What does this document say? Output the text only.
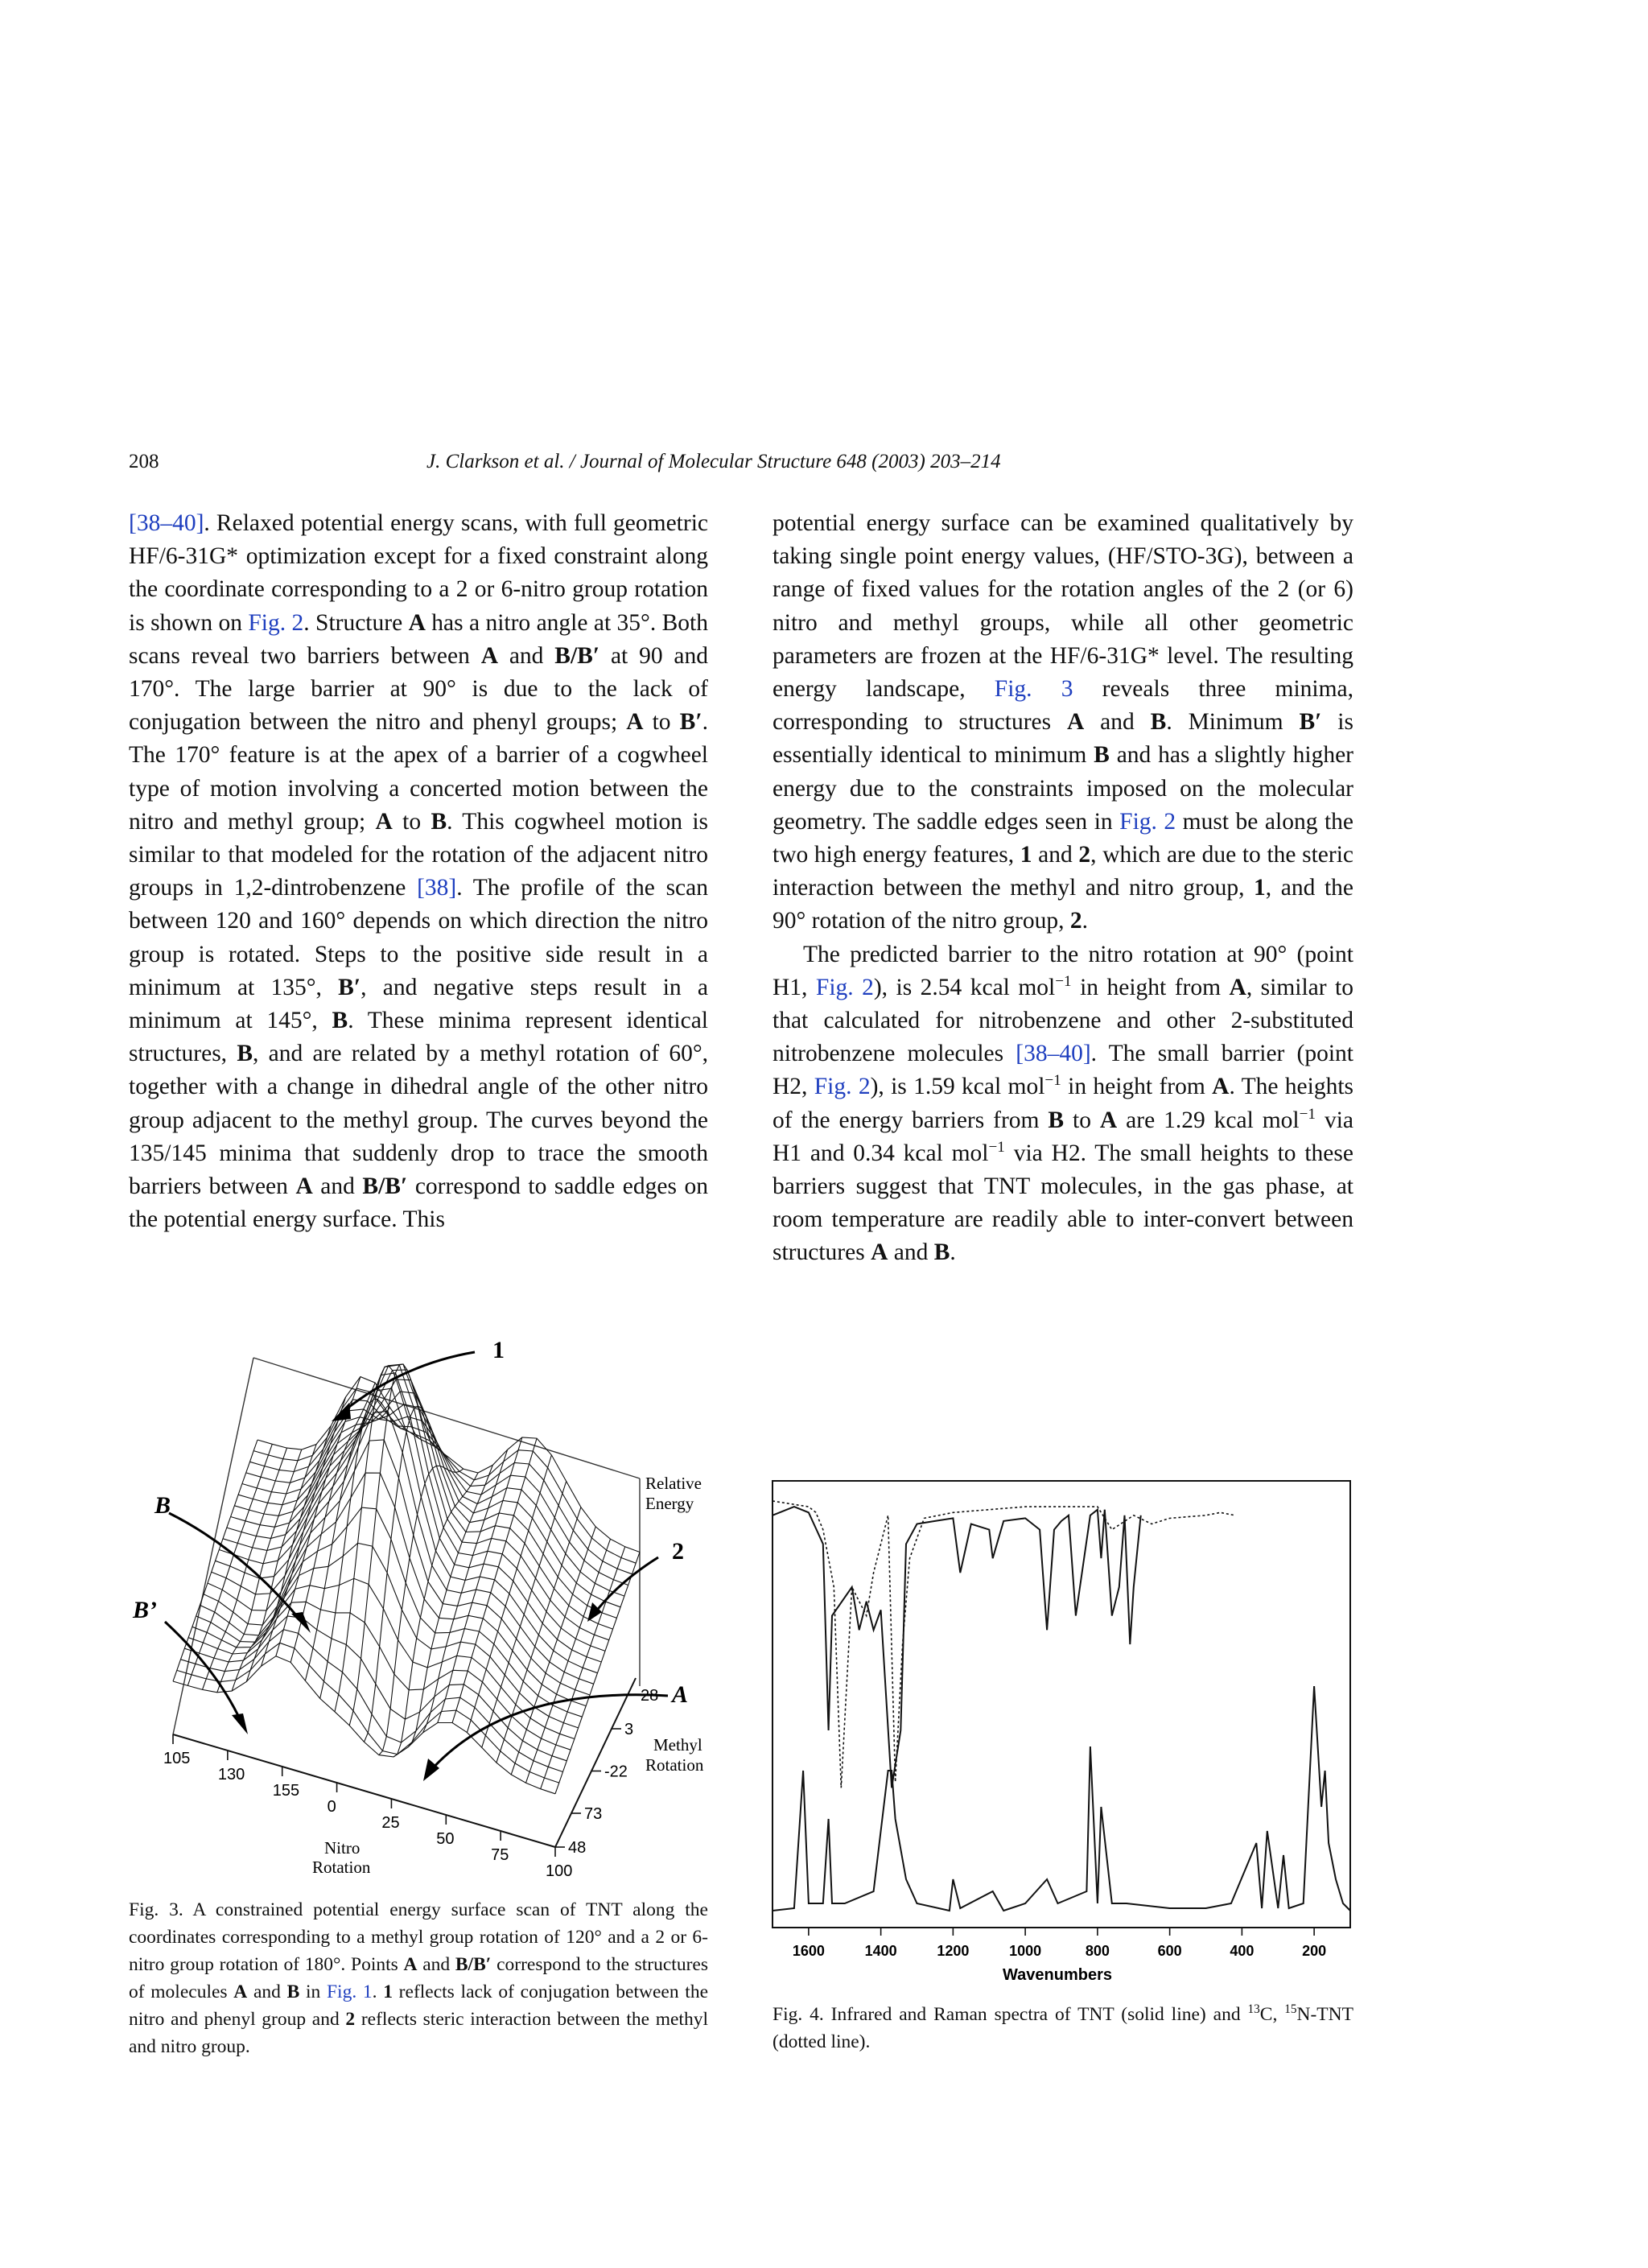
208	J. Clarkson et al. / Journal of Molecular Structure 648 (2003) 203–214

[38–40]. Relaxed potential energy scans, with full geometric HF/6-31G* optimization except for a fixed constraint along the coordinate corresponding to a 2 or 6-nitro group rotation is shown on Fig. 2. Structure A has a nitro angle at 35°. Both scans reveal two barriers between A and B/B′ at 90 and 170°. The large barrier at 90° is due to the lack of conjugation between the nitro and phenyl groups; A to B′. The 170° feature is at the apex of a barrier of a cogwheel type of motion involving a concerted motion between the nitro and methyl group; A to B. This cogwheel motion is similar to that modeled for the rotation of the adjacent nitro groups in 1,2-dintrobenzene [38]. The profile of the scan between 120 and 160° depends on which direction the nitro group is rotated. Steps to the positive side result in a minimum at 135°, B′, and negative steps result in a minimum at 145°, B. These minima represent identical structures, B, and are related by a methyl rotation of 60°, together with a change in dihedral angle of the other nitro group adjacent to the methyl group. The curves beyond the 135/145 minima that suddenly drop to trace the smooth barriers between A and B/B′ correspond to saddle edges on the potential energy surface. This

potential energy surface can be examined qualitatively by taking single point energy values, (HF/STO-3G), between a range of fixed values for the rotation angles of the 2 (or 6) nitro and methyl groups, while all other geometric parameters are frozen at the HF/6-31G* level. The resulting energy landscape, Fig. 3 reveals three minima, corresponding to structures A and B. Minimum B′ is essentially identical to minimum B and has a slightly higher energy due to the constraints imposed on the molecular geometry. The saddle edges seen in Fig. 2 must be along the two high energy features, 1 and 2, which are due to the steric interaction between the methyl and nitro group, 1, and the 90° rotation of the nitro group, 2.

The predicted barrier to the nitro rotation at 90° (point H1, Fig. 2), is 2.54 kcal mol$^{-1}$ in height from A, similar to that calculated for nitrobenzene and other 2-substituted nitrobenzene molecules [38–40]. The small barrier (point H2, Fig. 2), is 1.59 kcal mol$^{-1}$ in height from A. The heights of the energy barriers from B to A are 1.29 kcal mol$^{-1}$ via H1 and 0.34 kcal mol$^{-1}$ via H2. The small heights to these barriers suggest that TNT molecules, in the gas phase, at room temperature are readily able to inter-convert between structures A and B.

1
B
B’
2
A
Relative
Energy
Methyl
Rotation
Nitro
Rotation
105
130
155
0
25
50
75
100
28
3
-22
73
48
Fig. 3. A constrained potential energy surface scan of TNT along the coordinates corresponding to a methyl group rotation of 120° and a 2 or 6-nitro group rotation of 180°. Points A and B/B′ correspond to the structures of molecules A and B in Fig. 1. 1 reflects lack of conjugation between the nitro and phenyl group and 2 reflects steric interaction between the methyl and nitro group.
1600	1400	1200	1000	800	600	400	200
Wavenumbers
Fig. 4. Infrared and Raman spectra of TNT (solid line) and $^{13}$C, $^{15}$N-TNT (dotted line).
